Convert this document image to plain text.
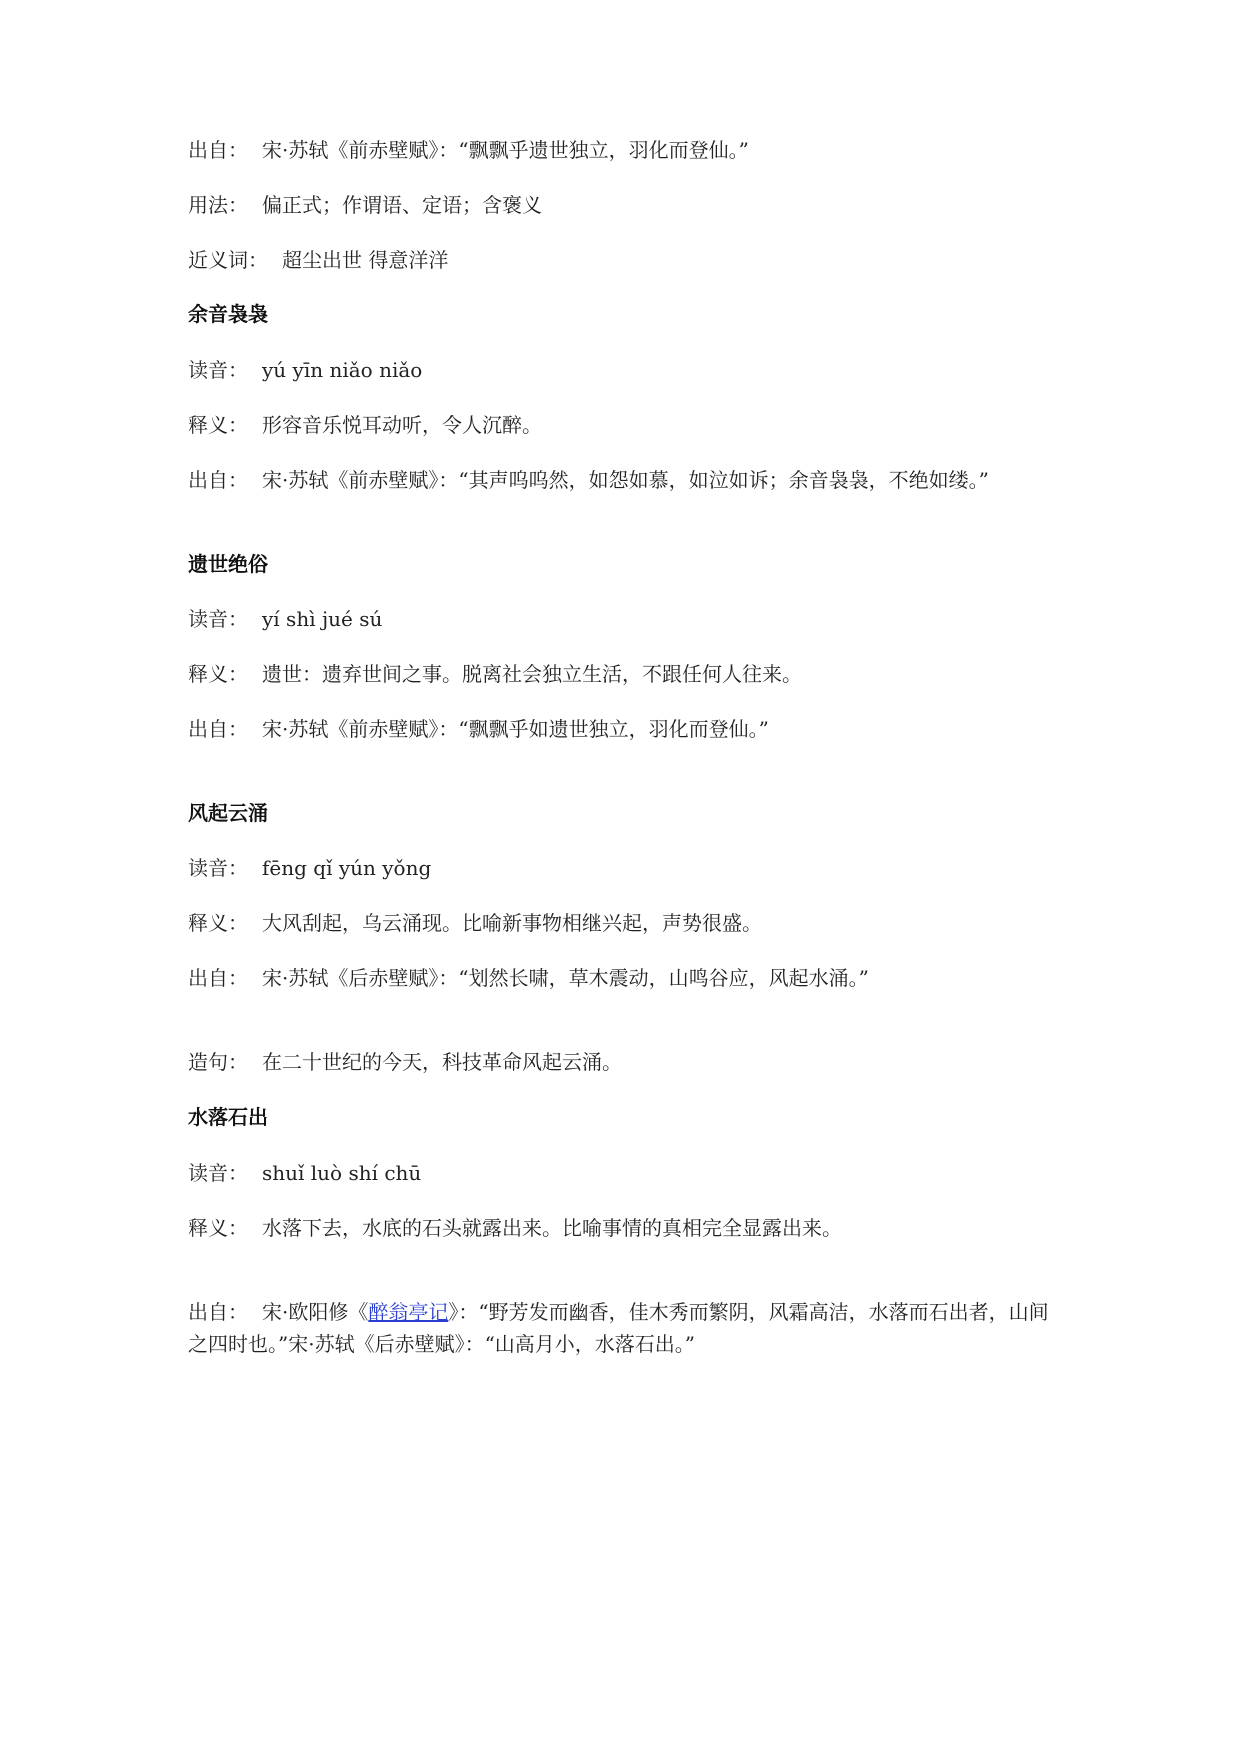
出自： 宋·苏轼《前赤壁赋》：“飘飘乎遗世独立，羽化而登仙。”
用法： 偏正式；作谓语、定语；含褒义
近义词： 超尘出世 得意洋洋
余音袅袅
读音： yú yīn niǎo niǎo
释义： 形容音乐悦耳动听，令人沉醉。
出自： 宋·苏轼《前赤壁赋》：“其声呜呜然，如怨如慕，如泣如诉；余音袅袅，不绝如缕。”
遗世绝俗
读音： yí shì jué sú
释义： 遗世：遗弃世间之事。脱离社会独立生活，不跟任何人往来。
出自： 宋·苏轼《前赤壁赋》：“飘飘乎如遗世独立，羽化而登仙。”
风起云涌
读音： fēng qǐ yún yǒng
释义： 大风刮起，乌云涌现。比喻新事物相继兴起，声势很盛。
出自： 宋·苏轼《后赤壁赋》：“划然长啸，草木震动，山鸣谷应，风起水涌。”
造句： 在二十世纪的今天，科技革命风起云涌。
水落石出
读音： shuǐ luò shí chū
释义： 水落下去，水底的石头就露出来。比喻事情的真相完全显露出来。
出自： 宋·欧阳修《醉翁亭记》：“野芳发而幽香，佳木秀而繁阴，风霜高洁，水落而石出者，山间之四时也。”宋·苏轼《后赤壁赋》：“山高月小，水落石出。”
